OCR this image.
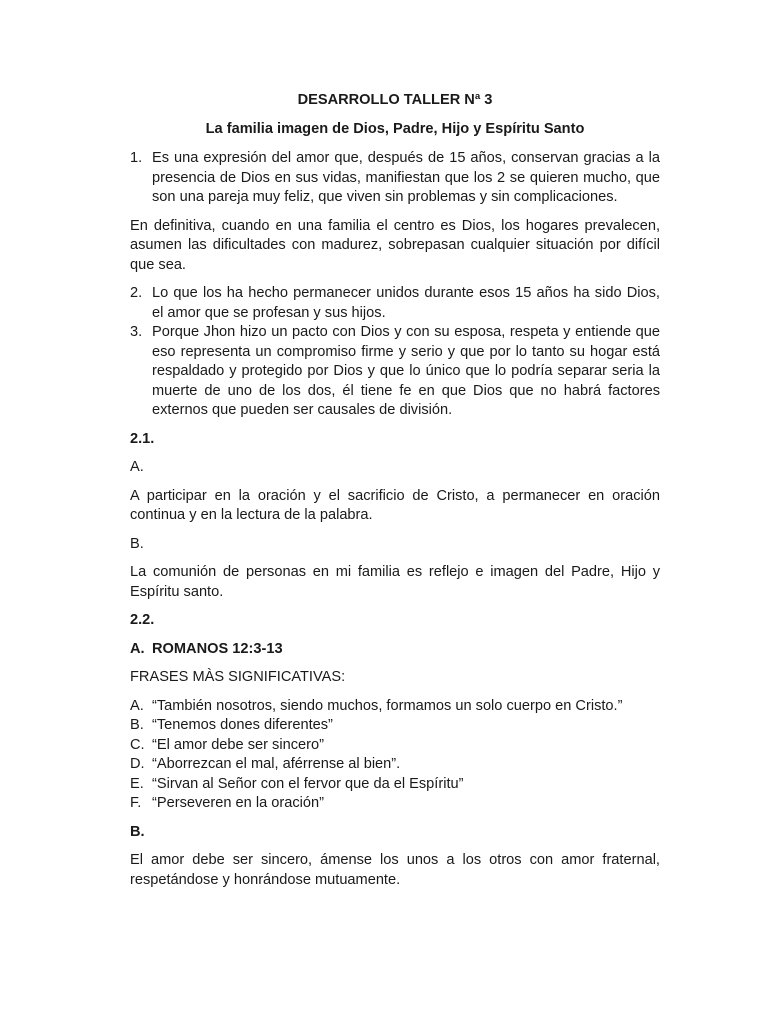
DESARROLLO TALLER Nª 3

La familia imagen de Dios, Padre, Hijo y Espíritu Santo

1. Es una expresión del amor que, después de 15 años, conservan gracias a la presencia de Dios en sus vidas, manifiestan que los 2 se quieren mucho, que son una pareja muy feliz, que viven sin problemas y sin complicaciones.

En definitiva, cuando en una familia el centro es Dios, los hogares prevalecen, asumen las dificultades con madurez, sobrepasan cualquier situación por difícil que sea.

2. Lo que los ha hecho permanecer unidos durante esos 15 años ha sido Dios, el amor que se profesan y sus hijos.
3. Porque Jhon hizo un pacto con Dios y con su esposa, respeta y entiende que eso representa un compromiso firme y serio y que por lo tanto su hogar está respaldado y protegido por Dios y que lo único que lo podría separar seria la muerte de uno de los dos, él tiene fe en que Dios que no habrá factores externos que pueden ser causales de división.

2.1.

A.

A participar en la oración y el sacrificio de Cristo, a permanecer en oración continua y en la lectura de la palabra.

B.

La comunión de personas en mi familia es reflejo e imagen del Padre, Hijo y Espíritu santo.

2.2.

A. ROMANOS 12:3-13

FRASES MÀS SIGNIFICATIVAS:

A. “También nosotros, siendo muchos, formamos un solo cuerpo en Cristo.”
B. “Tenemos dones diferentes”
C. “El amor debe ser sincero”
D. “Aborrezcan el mal, aférrense al bien”.
E. “Sirvan al Señor con el fervor que da el Espíritu”
F. “Perseveren en la oración”

B.

El amor debe ser sincero, ámense los unos a los otros con amor fraternal, respetándose y honrándose mutuamente.
